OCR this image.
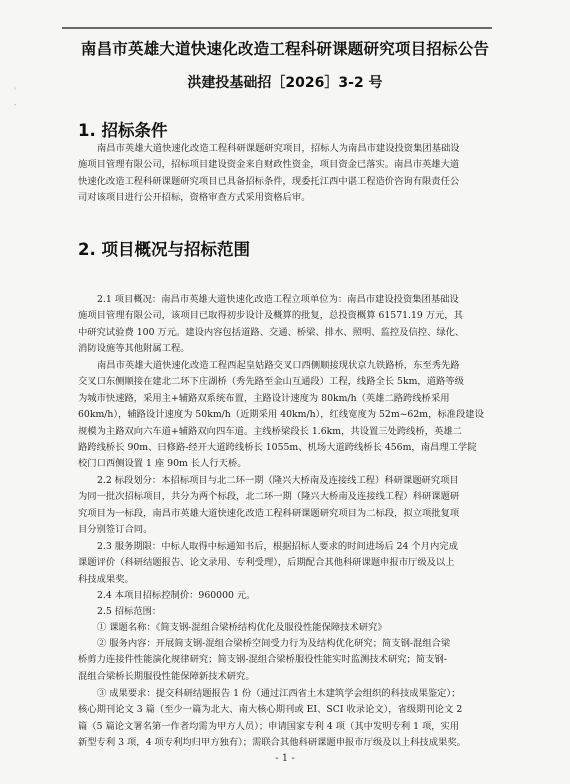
'
-
南昌市英雄大道快速化改造工程科研课题研究项目招标公告
洪建投基础招［2026］3-2 号
1. 招标条件
南昌市英雄大道快速化改造工程科研课题研究项目，招标人为南昌市建设投资集团基础设
施项目管理有限公司，招标项目建设资金来自财政性资金，项目资金已落实。南昌市英雄大道
快速化改造工程科研课题研究项目已具备招标条件，现委托江西中谌工程造价咨询有限责任公
司对该项目进行公开招标，资格审查方式采用资格后审。
2. 项目概况与招标范围
2.1 项目概况：南昌市英雄大道快速化改造工程立项单位为：南昌市建设投资集团基础设
施项目管理有限公司，该项目已取得初步设计及概算的批复，总投资概算 61571.19 万元，其
中研究试验费 100 万元。建设内容包括道路、交通、桥梁、排水、照明、监控及信控、绿化、
消防设施等其他附属工程。
南昌市英雄大道快速化改造工程西起皇姑路交叉口西侧顺接现状京九铁路桥，东至秀先路
交叉口东侧顺接在建北二环下庄湖桥（秀先路至金山互通段）工程，线路全长 5km，道路等级
为城市快速路，采用主+辅路双系统布置，主路设计速度为 80km/h（英雄二路跨线桥采用
60km/h），辅路设计速度为 50km/h（近期采用 40km/h），红线宽度为 52m~62m，标准段建设
规模为主路双向六车道+辅路双向四车道。主线桥梁段长 1.6km，共设置三处跨线桥，英雄二
路跨线桥长 90m、曰修路-经开大道跨线桥长 1055m、机场大道跨线桥长 456m，南昌理工学院
校门口西侧设置 1 座 90m 长人行天桥。
2.2 标段划分：本招标项目与北二环一期（隆兴大桥南及连接线工程）科研课题研究项目
为同一批次招标项目，共分为两个标段，北二环一期（隆兴大桥南及连接线工程）科研课题研
究项目为一标段，南昌市英雄大道快速化改造工程科研课题研究项目为二标段，拟立项批复项
目分别签订合同。
2.3 服务期限：中标人取得中标通知书后，根据招标人要求的时间进场后 24 个月内完成
课题评价（科研结题报告、论文录用、专利受理），后期配合其他科研课题申报市厅级及以上
科技成果奖。
2.4 本项目招标控制价：960000 元。
2.5 招标范围：
① 课题名称：《简支钢-混组合梁桥结构优化及服役性能保障技术研究》
② 服务内容：开展简支钢-混组合梁桥空间受力行为及结构优化研究；简支钢-混组合梁
桥剪力连接件性能演化规律研究；简支钢-混组合梁桥服役性能实时监测技术研究；简支钢-
混组合梁桥长期服役性能保障新技术研究。
③ 成果要求：提交科研结题报告 1 份（通过江西省土木建筑学会组织的科技成果鉴定）；
核心期刊论文 3 篇（至少一篇为北大、南大核心期刊或 EI、SCI 收录论文），省级期刊论文 2
篇（5 篇论文署名第一作者均需为甲方人员）；申请国家专利 4 项（其中发明专利 1 项，实用
新型专利 3 项，4 项专利均归甲方独有）；需联合其他科研课题申报市厅级及以上科技成果奖。
- 1 -
